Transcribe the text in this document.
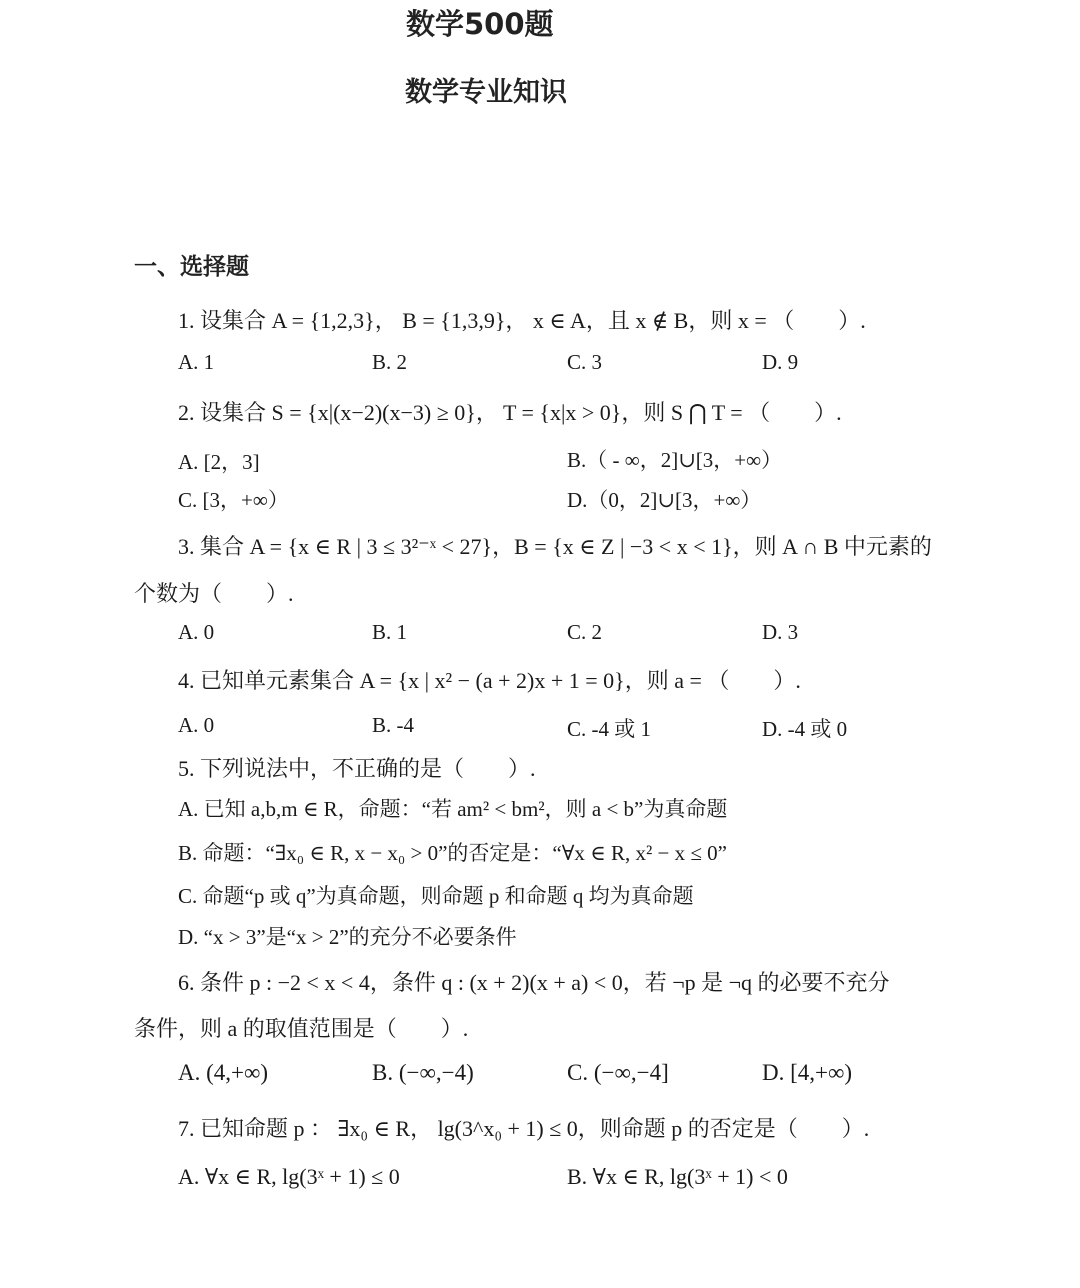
数学500题
数学专业知识
一、选择题
1. 设集合 A = {1,2,3}， B = {1,3,9}， x ∈ A，且 x ∉ B，则 x = （　　）.
A. 1	B. 2	C. 3	D. 9
2. 设集合 S = {x|(x−2)(x−3) ≥ 0}， T = {x|x > 0}，则 S ⋂ T = （　　）.
A. [2，3]	B.（ - ∞，2]∪[3，+∞）
C. [3，+∞）	D.（0，2]∪[3，+∞）
3. 集合 A = {x ∈ R | 3 ≤ 3²⁻ˣ < 27}，B = {x ∈ Z | −3 < x < 1}，则 A ∩ B 中元素的
个数为（　　）.
A. 0	B. 1	C. 2	D. 3
4. 已知单元素集合 A = {x | x² − (a + 2)x + 1 = 0}，则 a = （　　）.
A. 0	B. -4	C. -4 或 1	D. -4 或 0
5. 下列说法中，不正确的是（　　）.
A. 已知 a,b,m ∈ R，命题：“若 am² < bm²，则 a < b”为真命题
B. 命题：“∃x₀ ∈ R, x − x₀ > 0”的否定是：“∀x ∈ R, x² − x ≤ 0”
C. 命题“p 或 q”为真命题，则命题 p 和命题 q 均为真命题
D. “x > 3”是“x > 2”的充分不必要条件
6. 条件 p : −2 < x < 4，条件 q : (x + 2)(x + a) < 0，若 ¬p 是 ¬q 的必要不充分
条件，则 a 的取值范围是（　　）.
A. (4,+∞)	B. (−∞,−4)	C. (−∞,−4]	D. [4,+∞)
7. 已知命题 p ： ∃x₀ ∈ R， lg(3^x₀ + 1) ≤ 0，则命题 p 的否定是（　　）.
A. ∀x ∈ R, lg(3ˣ + 1) ≤ 0	B. ∀x ∈ R, lg(3ˣ + 1) < 0
